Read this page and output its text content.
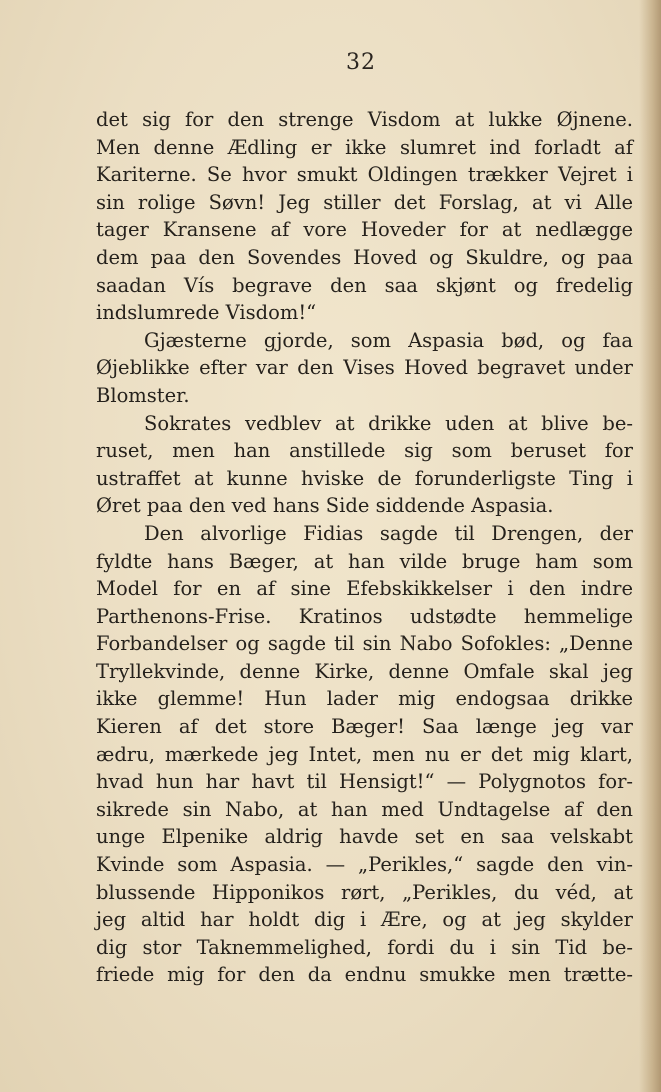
32
det sig for den strenge Visdom at lukke Øjnene.
Men denne Ædling er ikke slumret ind forladt af
Kariterne. Se hvor smukt Oldingen trækker Vejret i
sin rolige Søvn! Jeg stiller det Forslag, at vi Alle
tager Kransene af vore Hoveder for at nedlægge
dem paa den Sovendes Hoved og Skuldre, og paa
saadan Vís begrave den saa skjønt og fredelig
indslumrede Visdom!“
Gjæsterne gjorde, som Aspasia bød, og faa
Øjeblikke efter var den Vises Hoved begravet under
Blomster.
Sokrates vedblev at drikke uden at blive be-
ruset, men han anstillede sig som beruset for
ustraffet at kunne hviske de forunderligste Ting i
Øret paa den ved hans Side siddende Aspasia.
Den alvorlige Fidias sagde til Drengen, der
fyldte hans Bæger, at han vilde bruge ham som
Model for en af sine Efebskikkelser i den indre
Parthenons-Frise. Kratinos udstødte hemmelige
Forbandelser og sagde til sin Nabo Sofokles: „Denne
Tryllekvinde, denne Kirke, denne Omfale skal jeg
ikke glemme! Hun lader mig endogsaa drikke
Kieren af det store Bæger! Saa længe jeg var
ædru, mærkede jeg Intet, men nu er det mig klart,
hvad hun har havt til Hensigt!“ — Polygnotos for-
sikrede sin Nabo, at han med Undtagelse af den
unge Elpenike aldrig havde set en saa velskabt
Kvinde som Aspasia. — „Perikles,“ sagde den vin-
blussende Hipponikos rørt, „Perikles, du véd, at
jeg altid har holdt dig i Ære, og at jeg skylder
dig stor Taknemmelighed, fordi du i sin Tid be-
friede mig for den da endnu smukke men trætte-
